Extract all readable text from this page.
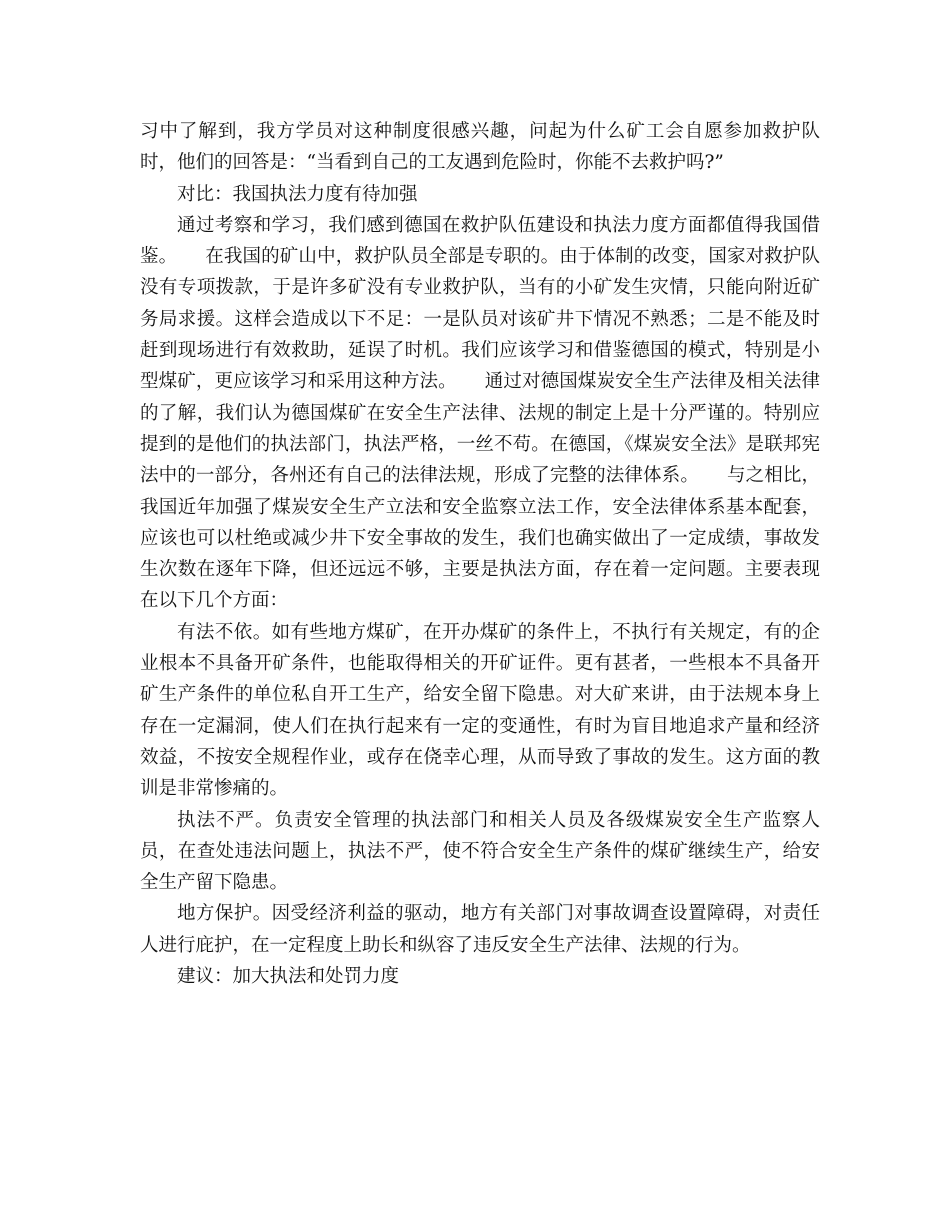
习中了解到，我方学员对这种制度很感兴趣，问起为什么矿工会自愿参加救护队时，他们的回答是：“当看到自己的工友遇到危险时，你能不去救护吗?”

对比：我国执法力度有待加强

通过考察和学习，我们感到德国在救护队伍建设和执法力度方面都值得我国借鉴。　　在我国的矿山中，救护队员全部是专职的。由于体制的改变，国家对救护队没有专项拨款，于是许多矿没有专业救护队，当有的小矿发生灾情，只能向附近矿务局求援。这样会造成以下不足：一是队员对该矿井下情况不熟悉；二是不能及时赶到现场进行有效救助，延误了时机。我们应该学习和借鉴德国的模式，特别是小型煤矿，更应该学习和采用这种方法。　　通过对德国煤炭安全生产法律及相关法律的了解，我们认为德国煤矿在安全生产法律、法规的制定上是十分严谨的。特别应提到的是他们的执法部门，执法严格，一丝不苟。在德国，《煤炭安全法》是联邦宪法中的一部分，各州还有自己的法律法规，形成了完整的法律体系。　　与之相比，我国近年加强了煤炭安全生产立法和安全监察立法工作，安全法律体系基本配套，应该也可以杜绝或减少井下安全事故的发生，我们也确实做出了一定成绩，事故发生次数在逐年下降，但还远远不够，主要是执法方面，存在着一定问题。主要表现在以下几个方面：

有法不依。如有些地方煤矿，在开办煤矿的条件上，不执行有关规定，有的企业根本不具备开矿条件，也能取得相关的开矿证件。更有甚者，一些根本不具备开矿生产条件的单位私自开工生产，给安全留下隐患。对大矿来讲，由于法规本身上存在一定漏洞，使人们在执行起来有一定的变通性，有时为盲目地追求产量和经济效益，不按安全规程作业，或存在侥幸心理，从而导致了事故的发生。这方面的教训是非常惨痛的。

执法不严。负责安全管理的执法部门和相关人员及各级煤炭安全生产监察人员，在查处违法问题上，执法不严，使不符合安全生产条件的煤矿继续生产，给安全生产留下隐患。

地方保护。因受经济利益的驱动，地方有关部门对事故调查设置障碍，对责任人进行庇护，在一定程度上助长和纵容了违反安全生产法律、法规的行为。

建议：加大执法和处罚力度
